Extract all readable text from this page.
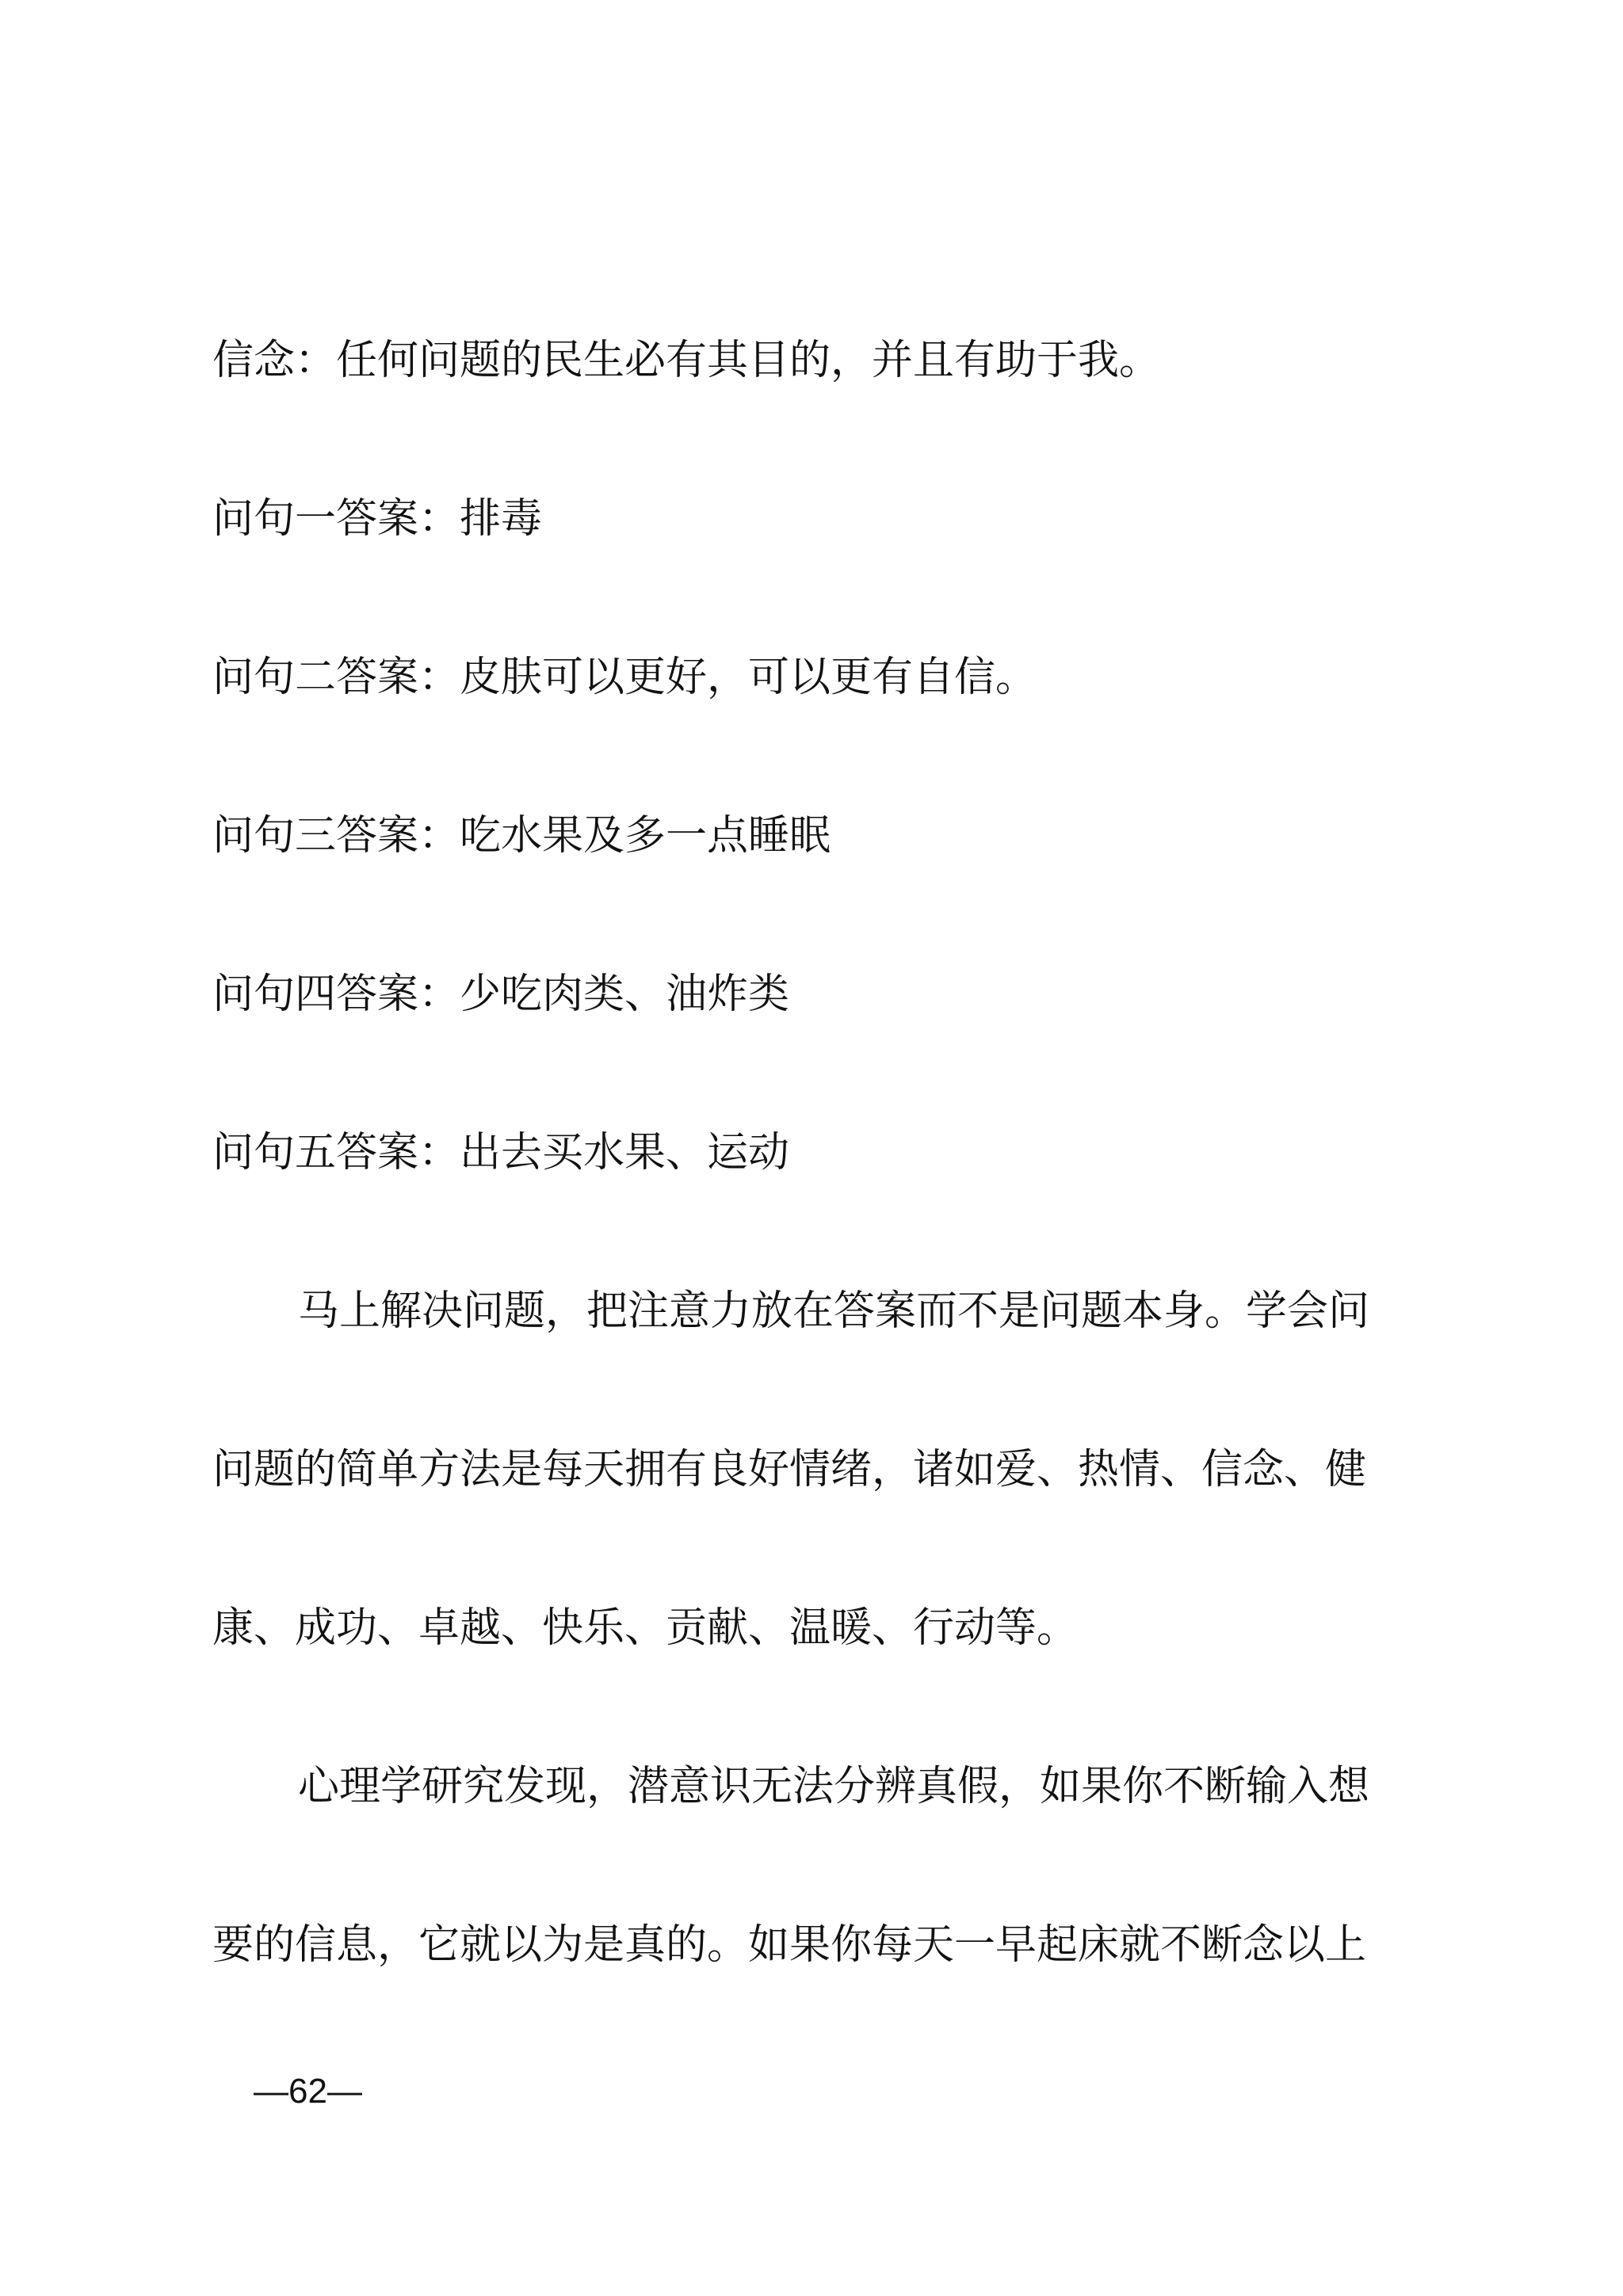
信念：任何问题的民生必有其目的，并且有助于我。
问句一答案：排毒
问句二答案：皮肤可以更好，可以更有自信。
问句三答案：吃水果及多一点睡眠
问句四答案：少吃肉类、油炸类
问句五答案：出去买水果、运动
马上解决问题，把注意力放在答案而不是问题本身。学会问
问题的简单方法是每天拥有良好情绪，诸如爱、热情、信念、健
康、成功、卓越、快乐、贡献、温暖、行动等。
心理学研究发现，潜意识无法分辨真假，如果你不断输入想
要的信息，它就以为是真的。如果你每天一早起床就不断念以上
—62—
